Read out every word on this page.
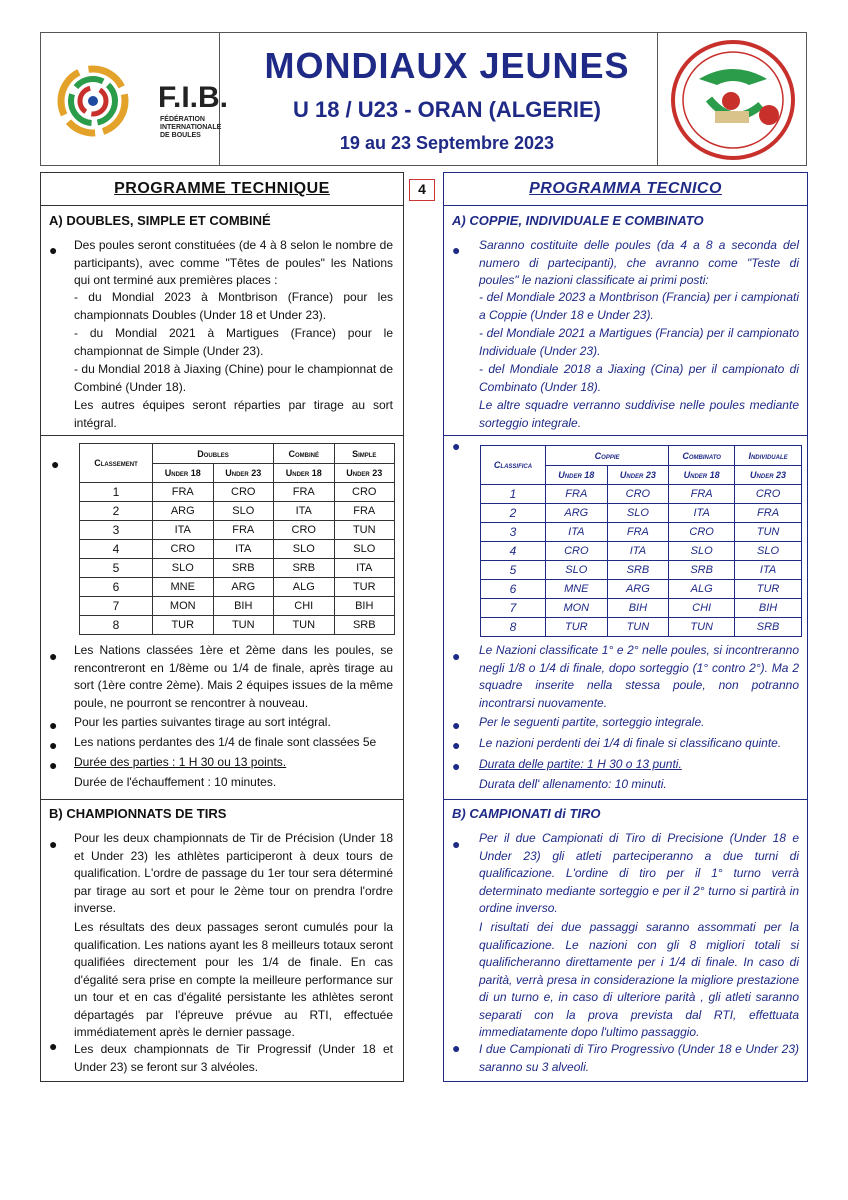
F.I.B.
FÉDÉRATION
INTERNATIONALE
DE BOULES
MONDIAUX JEUNES
U 18 / U23 - ORAN (ALGERIE)
19 au 23 Septembre 2023
4
PROGRAMME TECHNIQUE
A) DOUBLES, SIMPLE ET COMBINÉ
● Des poules seront constituées (de 4 à 8 selon le nombre de participants), avec comme "Têtes de poules" les Nations qui ont terminé aux premières places :
- du Mondial 2023 à Montbrison (France) pour les championnats Doubles (Under 18 et Under 23).
- du Mondial 2021 à Martigues (France) pour le championnat de Simple (Under 23).
- du Mondial 2018 à Jiaxing (Chine) pour le championnat de Combiné (Under 18).
Les autres équipes seront réparties par tirage au sort intégral.
●	Classement	Doubles		Combiné	Simple
	Under 18	Under 23	Under 18	Under 23
1	FRA	CRO	FRA	CRO
2	ARG	SLO	ITA	FRA
3	ITA	FRA	CRO	TUN
4	CRO	ITA	SLO	SLO
5	SLO	SRB	SRB	ITA
6	MNE	ARG	ALG	TUR
7	MON	BIH	CHI	BIH
8	TUR	TUN	TUN	SRB
● Les Nations classées 1ère et 2ème dans les poules, se rencontreront en 1/8ème ou 1/4 de finale, après tirage au sort (1ère contre 2ème). Mais 2 équipes issues de la même poule, ne pourront se rencontrer à nouveau.
● Pour les parties suivantes tirage au sort intégral.
● Les nations perdantes des 1/4 de finale sont classées 5e
● Durée des parties : 1 H 30 ou 13 points.
Durée de l'échauffement : 10 minutes.
B) CHAMPIONNATS DE TIRS
● Pour les deux championnats de Tir de Précision (Under 18 et Under 23) les athlètes participeront à deux tours de qualification. L'ordre de passage du 1er tour sera déterminé par tirage au sort et pour le 2ème tour on prendra l'ordre inverse.
Les résultats des deux passages seront cumulés pour la qualification. Les nations ayant les 8 meilleurs totaux seront qualifiées directement pour les 1/4 de finale. En cas d'égalité sera prise en compte la meilleure performance sur un tour et en cas d'égalité persistante les athlètes seront départagés par l'épreuve prévue au RTI, effectuée immédiatement après le dernier passage.
● Les deux championnats de Tir Progressif (Under 18 et Under 23) se feront sur 3 alvéoles.
PROGRAMMA TECNICO
A) COPPIE, INDIVIDUALE E COMBINATO
● Saranno costituite delle poules (da 4 a 8 a seconda del numero di partecipanti), che avranno come "Teste di poules" le nazioni classificate ai primi posti:
- del Mondiale 2023 a Montbrison (Francia) per i campionati a Coppie (Under 18 e Under 23).
- del Mondiale 2021 a Martigues (Francia) per il campionato Individuale (Under 23).
- del Mondiale 2018 a Jiaxing (Cina) per il campionato di Combinato (Under 18).
Le altre squadre verranno suddivise nelle poules mediante sorteggio integrale.
●
Classifica	Coppie		Combinato	Individuale
	Under 18	Under 23	Under 18	Under 23
1	FRA	CRO	FRA	CRO
2	ARG	SLO	ITA	FRA
3	ITA	FRA	CRO	TUN
4	CRO	ITA	SLO	SLO
5	SLO	SRB	SRB	ITA
6	MNE	ARG	ALG	TUR
7	MON	BIH	CHI	BIH
8	TUR	TUN	TUN	SRB
● Le Nazioni classificate 1° e 2° nelle poules, si incontreranno negli 1/8 o 1/4 di finale, dopo sorteggio (1° contro 2°). Ma 2 squadre inserite nella stessa poule, non potranno incontrarsi nuovamente.
● Per le seguenti partite, sorteggio integrale.
● Le nazioni perdenti dei 1/4 di finale si classificano quinte.
● Durata delle partite: 1 H 30 o 13 punti.
Durata dell' allenamento: 10 minuti.
B) CAMPIONATI di TIRO
● Per il due Campionati di Tiro di Precisione (Under 18 e Under 23) gli atleti parteciperanno a due turni di qualificazione. L'ordine di tiro per il 1° turno verrà determinato mediante sorteggio e per il 2° turno si partirà in ordine inverso.
I risultati dei due passaggi saranno assommati per la qualificazione. Le nazioni con gli 8 migliori totali si qualificheranno direttamente per i 1/4 di finale. In caso di parità, verrà presa in considerazione la migliore prestazione di un turno e, in caso di ulteriore parità , gli atleti saranno separati con la prova prevista dal RTI, effettuata immediatamente dopo l'ultimo passaggio.
● I due Campionati di Tiro Progressivo (Under 18 e Under 23) saranno su 3 alveoli.
